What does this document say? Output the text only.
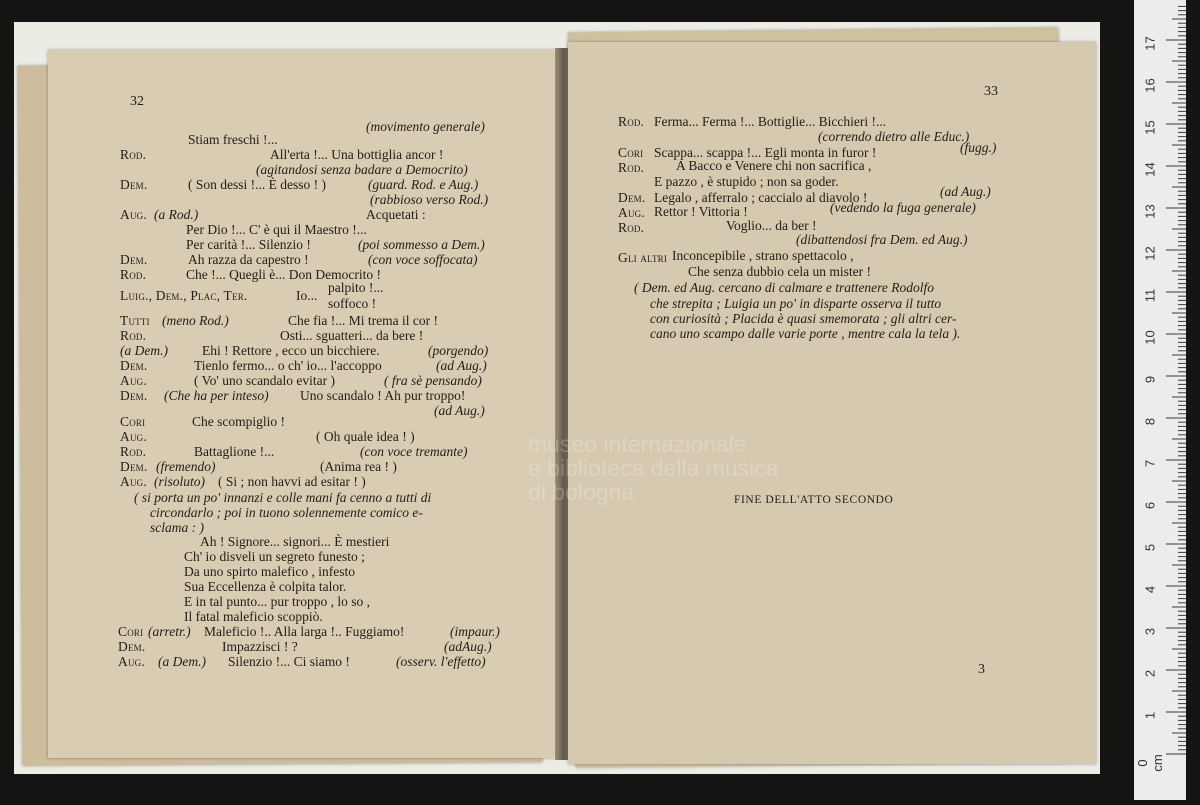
32
(movimento generale)
Stiam freschi !...
Rod.	All'erta !... Una bottiglia ancor !
(agitandosi senza badare a Democrito)
Dem.	( Son dessi !... È desso ! )	(guard. Rod. e Aug.)
(rabbioso verso Rod.)
Aug. (a Rod.)	Acquetati :
Per Dio !... C' è qui il Maestro !...
Per carità !... Silenzio !	(poi sommesso a Dem.)
Dem.	Ah razza da capestro !	(con voce soffocata)
Rod.	Che !... Quegli è... Don Democrito !
Luig., Dem., Plac, Ter.	Io...
palpito !...
soffoco !
Tutti (meno Rod.)	Che fia !... Mi trema il cor !
Rod.	Osti... sguatteri... da bere !
(a Dem.)	Ehi ! Rettore , ecco un bicchiere.	(porgendo)
Dem.	Tienlo fermo... o ch' io... l'accoppo	(ad Aug.)
Aug.	( Vo' uno scandalo evitar )	( fra sè pensando)
Dem. (Che ha per inteso) Uno scandalo ! Ah pur troppo!
(ad Aug.)
Cori	Che scompiglio !
Aug.	( Oh quale idea ! )
Rod.	Battaglione !...	(con voce tremante)
Dem. (fremendo)	(Anima rea ! )
Aug. (risoluto) ( Si ; non havvi ad esitar ! )
( si porta un po' innanzi e colle mani fa cenno a tutti di
circondarlo ; poi in tuono solennemente comico e-
sclama : )
Ah ! Signore... signori... È mestieri
Ch' io disveli un segreto funesto ;
Da uno spirto malefico , infesto
Sua Eccellenza è colpita talor.
E in tal punto... pur troppo , lo so ,
Il fatal maleficio scoppiò.
Cori (arretr.) Maleficio !.. Alla larga !.. Fuggiamo!	(impaur.)
Dem.	Impazzisci ! ?	(adAug.)
Aug. (a Dem.) Silenzio !... Ci siamo !	(osserv. l'effetto)
33
Rod. Ferma... Ferma !... Bottiglie... Bicchieri !...
(correndo dietro alle Educ.)
Cori Scappa... scappa !... Egli monta in furor !	(fugg.)
Rod. A Bacco e Venere chi non sacrifica ,
E pazzo , è stupido ; non sa goder.
Dem. Legalo , afferralo ; caccialo al diavolo !	(ad Aug.)
Aug. Rettor ! Vittoria !	(vedendo la fuga generale)
Rod.	Voglio... da ber !
(dibattendosi fra Dem. ed Aug.)
Gli altri Inconcepibile , strano spettacolo ,
Che senza dubbio cela un mister !
( Dem. ed Aug. cercano di calmare e trattenere Rodolfo
che strepita ; Luigia un po' in disparte osserva il tutto
con curiosità ; Placida è quasi smemorata ; gli altri cer-
cano uno scampo dalle varie porte , mentre cala la tela ).
FINE DELL'ATTO SECONDO
3
museo internazionale
e biblioteca della musica
di bologna
0 cm
1
2
3
4
5
6
7
8
9
10
11
12
13
14
15
16
17
